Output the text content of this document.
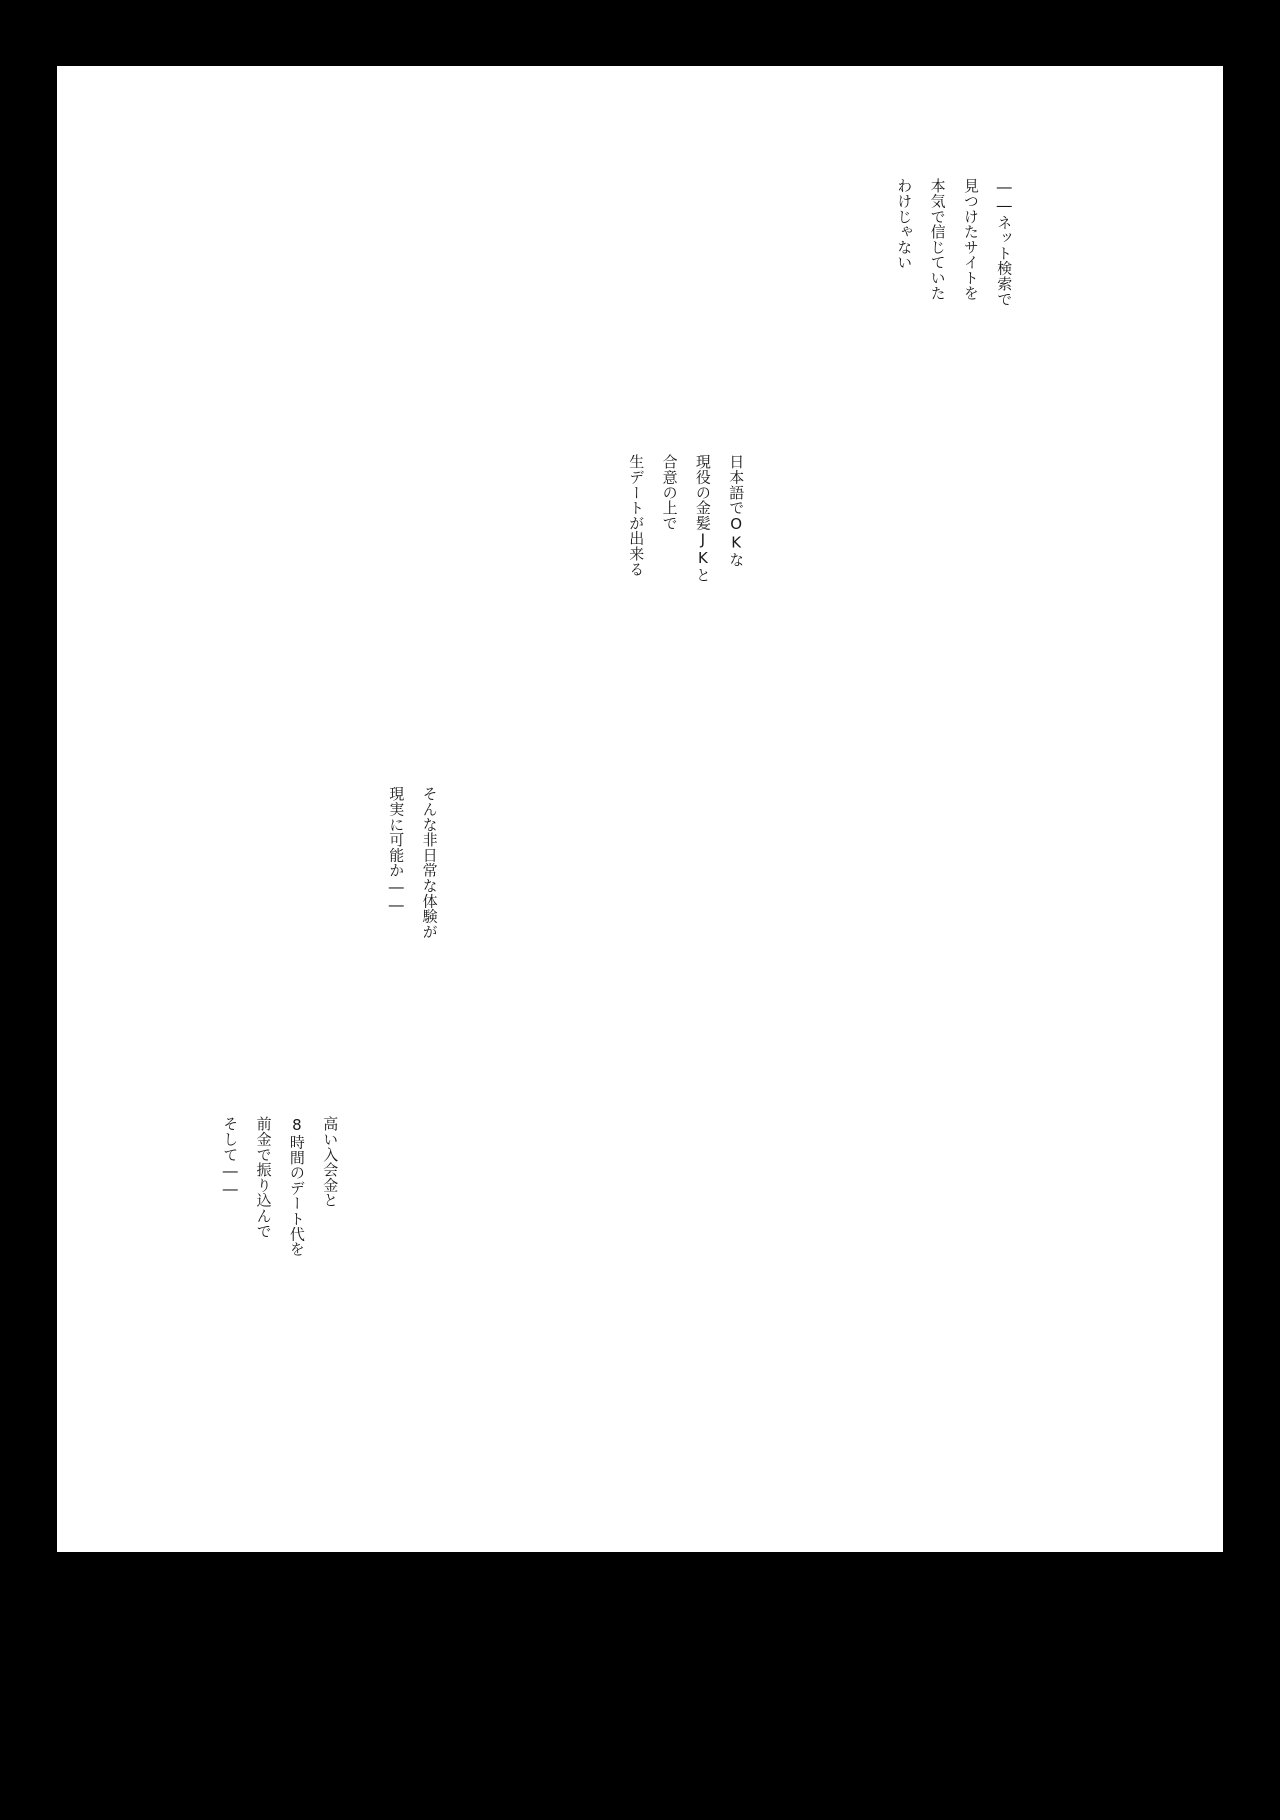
――ネット検索で見つけたサイトを本気で信じていたわけじゃない
日本語でOKな現役の金髪JKと合意の上で生デートが出来る
そんな非日常な体験が現実に可能か――
高い入会金と8時間のデート代を前金で振り込んでそして――
